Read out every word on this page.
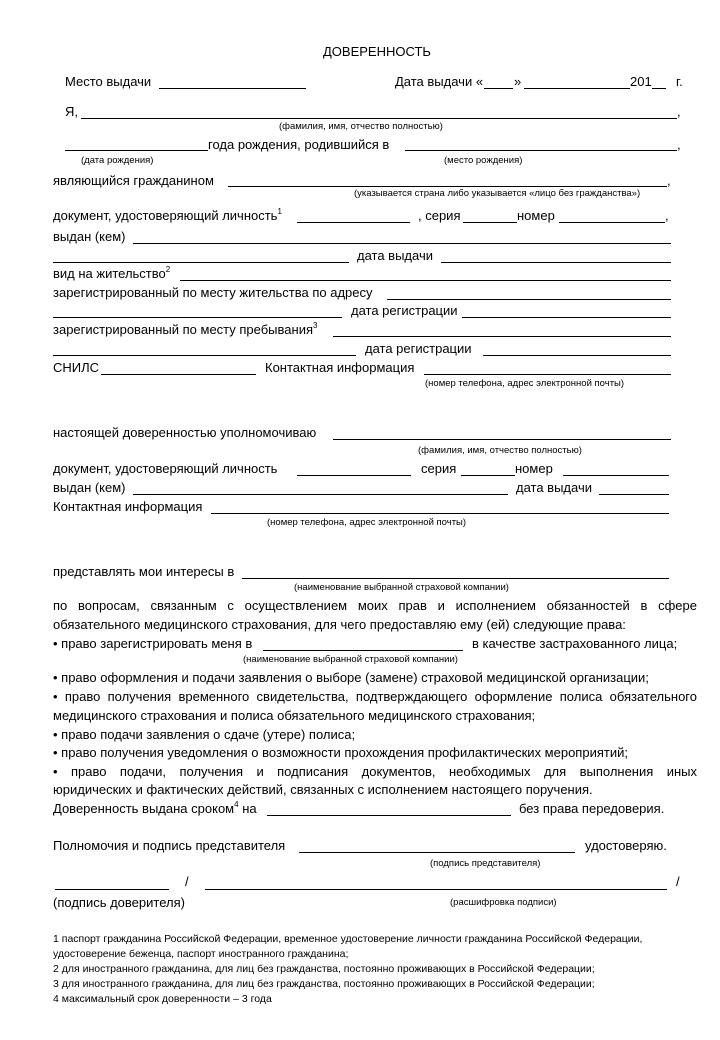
ДОВЕРЕННОСТЬ
Место выдачи	Дата выдачи « »	201 г.
Я,	,
(фамилия, имя, отчество полностью)
года рождения, родившийся в	,
(дата рождения)	(место рождения)
являющийся гражданином	,
(указывается страна либо указывается «лицо без гражданства»)
документ, удостоверяющий личность$^1$	, серия	номер	,
выдан (кем)
дата выдачи
вид на жительство$^2$
зарегистрированный по месту жительства по адресу
дата регистрации
зарегистрированный по месту пребывания$^3$
дата регистрации
СНИЛС	Контактная информация
(номер телефона, адрес электронной почты)
настоящей доверенностью уполномочиваю
(фамилия, имя, отчество полностью)
документ, удостоверяющий личность	серия	номер
выдан (кем)	дата выдачи
Контактная информация
(номер телефона, адрес электронной почты)
представлять мои интересы в
(наименование выбранной страховой компании)
по вопросам, связанным с осуществлением моих прав и исполнением обязанностей в сфере
обязательного медицинского страхования, для чего предоставляю ему (ей) следующие права:
• право зарегистрировать меня в	в качестве застрахованного лица;
(наименование выбранной страховой компании)
• право оформления и подачи заявления о выборе (замене) страховой медицинской организации;
• право получения временного свидетельства, подтверждающего оформление полиса обязательного
медицинского страхования и полиса обязательного медицинского страхования;
• право подачи заявления о сдаче (утере) полиса;
• право получения уведомления о возможности прохождения профилактических мероприятий;
• право подачи, получения и подписания документов, необходимых для выполнения иных
юридических и фактических действий, связанных с исполнением настоящего поручения.
Доверенность выдана сроком$^4$ на	без права передоверия.
Полномочия и подпись представителя	удостоверяю.
(подпись представителя)
/	/
(подпись доверителя)	(расшифровка подписи)
1 паспорт гражданина Российской Федерации, временное удостоверение личности гражданина Российской Федерации,
удостоверение беженца, паспорт иностранного гражданина;
2 для иностранного гражданина, для лиц без гражданства, постоянно проживающих в Российской Федерации;
3 для иностранного гражданина, для лиц без гражданства, постоянно проживающих в Российской Федерации;
4 максимальный срок доверенности – 3 года
